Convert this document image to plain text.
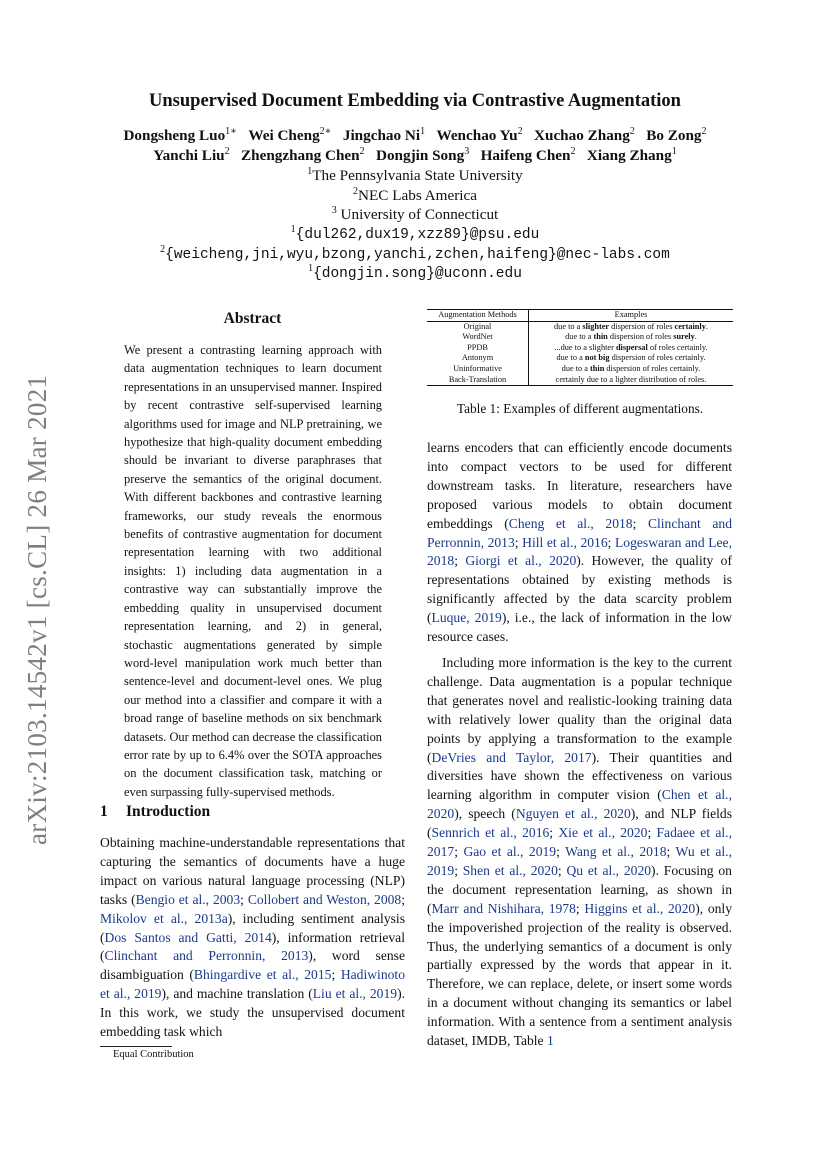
arXiv:2103.14542v1 [cs.CL] 26 Mar 2021
Unsupervised Document Embedding via Contrastive Augmentation
Dongsheng Luo$^{1∗}$ Wei Cheng$^{2∗}$ Jingchao Ni$^1$ Wenchao Yu$^2$ Xuchao Zhang$^2$ Bo Zong$^2$
Yanchi Liu$^2$ Zhengzhang Chen$^2$ Dongjin Song$^3$ Haifeng Chen$^2$ Xiang Zhang$^1$
$^1$The Pennsylvania State University
$^2$NEC Labs America
$^3$ University of Connecticut
$^1${dul262,dux19,xzz89}@psu.edu
$^2${weicheng,jni,wyu,bzong,yanchi,zchen,haifeng}@nec-labs.com
$^1${dongjin.song}@uconn.edu
Abstract
We present a contrasting learning approach with data augmentation techniques to learn document representations in an unsupervised manner. Inspired by recent contrastive self-supervised learning algorithms used for image and NLP pretraining, we hypothesize that high-quality document embedding should be invariant to diverse paraphrases that preserve the semantics of the original document. With different backbones and contrastive learning frameworks, our study reveals the enormous benefits of contrastive augmentation for document representation learning with two additional insights: 1) including data augmentation in a contrastive way can substantially improve the embedding quality in unsupervised document representation learning, and 2) in general, stochastic augmentations generated by simple word-level manipulation work much better than sentence-level and document-level ones. We plug our method into a classifier and compare it with a broad range of baseline methods on six benchmark datasets. Our method can decrease the classification error rate by up to 6.4% over the SOTA approaches on the document classification task, matching or even surpassing fully-supervised methods.
1 Introduction

Obtaining machine-understandable representations that capturing the semantics of documents have a huge impact on various natural language processing (NLP) tasks (Bengio et al., 2003; Collobert and Weston, 2008; Mikolov et al., 2013a), including sentiment analysis (Dos Santos and Gatti, 2014), information retrieval (Clinchant and Perronnin, 2013), word sense disambiguation (Bhingardive et al., 2015; Hadiwinoto et al., 2019), and machine translation (Liu et al., 2019). In this work, we study the unsupervised document embedding task which

Equal Contribution
Augmentation Methods	Examples
Original	due to a slighter dispersion of roles certainly.
WordNet	due to a thin dispersion of roles surely.
PPDB	...due to a slighter dispersal of roles certainly.
Antonym	due to a not big dispersion of roles certainly.
Uninformative	due to a thin dispersion of roles certainly.
Back-Translation	certainly due to a lighter distribution of roles.
Table 1: Examples of different augmentations.

learns encoders that can efficiently encode documents into compact vectors to be used for different downstream tasks. In literature, researchers have proposed various models to obtain document embeddings (Cheng et al., 2018; Clinchant and Perronnin, 2013; Hill et al., 2016; Logeswaran and Lee, 2018; Giorgi et al., 2020). However, the quality of representations obtained by existing methods is significantly affected by the data scarcity problem (Luque, 2019), i.e., the lack of information in the low resource cases.

Including more information is the key to the current challenge. Data augmentation is a popular technique that generates novel and realistic-looking training data with relatively lower quality than the original data points by applying a transformation to the example (DeVries and Taylor, 2017). Their quantities and diversities have shown the effectiveness on various learning algorithm in computer vision (Chen et al., 2020), speech (Nguyen et al., 2020), and NLP fields (Sennrich et al., 2016; Xie et al., 2020; Fadaee et al., 2017; Gao et al., 2019; Wang et al., 2018; Wu et al., 2019; Shen et al., 2020; Qu et al., 2020). Focusing on the document representation learning, as shown in (Marr and Nishihara, 1978; Higgins et al., 2020), only the impoverished projection of the reality is observed. Thus, the underlying semantics of a document is only partially expressed by the words that appear in it. Therefore, we can replace, delete, or insert some words in a document without changing its semantics or label information. With a sentence from a sentiment analysis dataset, IMDB, Table 1
